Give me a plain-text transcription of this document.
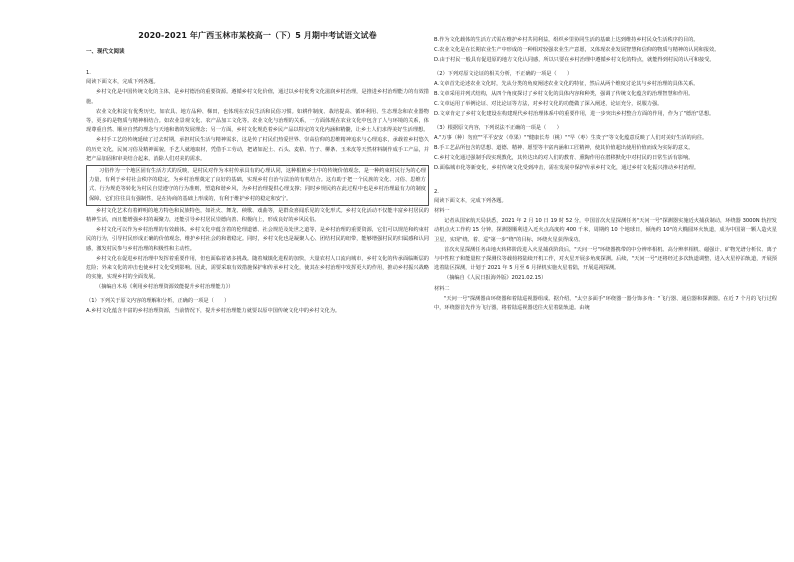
2020-2021 年广西玉林市某校高一（下）5 月期中考试语文试卷
一、现代文阅读
1.
阅读下面文本，完成下列各题。
乡村文化是中国传统文化的主体，是乡村德治的重要资源。遵循乡村文化价值，通过以乡村优秀文化滋润乡村治理，是推进乡村治理能力的有效措施。
农业文化积淀有优秀历史。如农具、地方品种、梯田，也体现在农民生活和民俗习惯。如耕作制度、栽培提高、循环利用、生态理念和农业器物等，更多的是物质与精神相结合。如农业景观文化、农产品加工文化等。农业文化与治理的关系，一方面体现在农业文化中包含了人与环境的关系，体现尊重自然、顺应自然的理念与天地和谐的发展理念；另一方面，乡村文化规范着乡民产品以特定的文化内涵和精髓，让乡土人们求得美好生活理想。
乡村手工艺的传统延续了过去时期，承担村民生活与精神需求，这是传了村民们热爱世界、崇高信仰的思维精神追求与心理追求，承载着乡村悠久的历史文化，民间习俗及精神面貌，手艺人就地取材，凭借手工劳动，把诸如泥土、石头、麦秸、竹子、柳条、玉米皮等天然材料制作成手工产品，并把产品加固和审美结合起来，消除人们对美的需求。
习俗作为一个地区固有生活方式的反映，是村民对作为本村传承具有的心理认同，这种根植乡土中的传统价值观念，是一种约束村民行为的心理力量，有利于乡村社会秩序的稳定，为乡村治理奠定了良好的基础，实现乡村自治与法治的有机结合。这有助于把一个民族的文化、习俗、思维方式、行为规范等转化为村民自觉遵守的行为准则，塑造和谐乡风，为乡村治理提供心理支撑；同时乡规民约在此过程中也是乡村治理最有力的制度保障，它们往往具有强制性，是在协商的基础上形成的，有利于维护乡村的稳定和安宁。
乡村文化艺术有着鲜明的地方特色和民族特色，如社火、舞龙、秧歌、戏曲等，是群众喜闻乐见的文化形式。乡村文化活动不仅能丰富乡村居民的精神生活，而且能增强乡村的凝聚力，还能引导乡村居民崇德向善、积极向上，形成良好的乡风民俗。
乡村文化可以作为乡村治理的有效载体。乡村文化中蕴含着的伦理道德、社会规范及处世之道等，是乡村治理的重要资源，它们可以规范和约束村民的行为，引导村民形成正确的价值观念，维护乡村社会的和谐稳定。同时，乡村文化也是凝聚人心、团结村民的纽带，能够增强村民的归属感和认同感，激发村民参与乡村治理的积极性和主动性。
乡村文化在促进乡村治理中发挥着重要作用，但也面临着诸多挑战。随着城镇化进程的加快，大量农村人口流向城市，乡村文化的传承面临断层的危险；外来文化的冲击也使乡村文化受到影响。因此，需要采取有效措施保护和传承乡村文化，使其在乡村治理中发挥更大的作用，推动乡村振兴战略的实施，实现乡村的全面发展。
（摘编自木易《利用乡村治理资源效能提升乡村治理能力》）
（1）下列关于原文内容的理解和分析，正确的一项是（　　）
A.乡村文化蕴含丰富的乡村治理资源，当前情况下，提升乡村治理能力就要以原中国传统文化中的乡村文化为。
B.作为文化载体的生活方式需在维护乡村共同利益，组织乡里协同生活的基础上达到维持乡村民众生活秩序的目的。
C.农业文化是在长期农业生产中形成的一种相对较强农业生产意愿，又体现农业发展智慧和信仰的物质与精神的认同和报效。
D.由于村民一般具有促进原的地方文化认同感，所以只要在乡村治理中遵循乡村文化的特点，就能得到村民的认可和接受。
（2）下列对原文论证的相关分析，不正确的一项是（　　）
A.文章首先论述农业文化时，先从分类的角度阐述农业文化的特征，然后从两个维度讨论其与乡村治理的具体关系。
B.文章采用并列式结构，从四个角度探讨了乡村文化的具体内容和种类，强调了传统文化蕴含的治理智慧和作用。
C.文章运用了举例论证、对比论证等方法，对乡村文化的功能做了深入阐述，论证充分，说服力强。
D.文章肯定了乡村文化建设在构建现代乡村治理体系中的重要作用，进一步突出乡村整合方面的作用，作为了"德治"思想。
（3）根据原文内容，下列说法不正确的一项是（　　）
A."万事（种）勿庶""平平安安（草果）""健康长寿（桃）""早（枣）生贵子"等文化蕴意反映了人们对美好生活的向往。
B.手工艺品所包含的思想、道德、精神、愿望等丰富内涵和工匠精神，使其价值超出使用价值而成为实际的意义。
C.乡村文化通过强制手段实现教化，其传达出的对人们的教育、熏陶作用在潜移默化中对村民的日常生活有影响。
D.面临城市化等新变化，乡村传统文化受到冲击，需在发展中保护传承乡村文化，通过乡村文化振兴推动乡村治理。
2.
阅读下面文本，完成下列各题。
材料一
记者从国家航天局获悉，2021 年 2 月 10 日 19 时 52 分，中国首次火星探测任务"天问一号"探测器实施近火捕获制动，环绕器 3000N 轨控发动机点火工作约 15 分钟，探测器顺利进入近火点高度约 400 千米，周期约 10 个地球日，倾角约 10°的大椭圆环火轨道，成为中国第一颗人造火星卫星，实现"绕、着、巡"第一步"绕"的目标，环绕火星获得成功。
首次火星探测任务由地火转移阶段进入火星捕获阶段后，"天问一号"环绕器携带的中分辨率相机、高分辨率相机、磁强计、矿物光谱分析仪、离子与中性粒子和能量粒子探测仪等载荷将陆续开机工作，对火星开展多角度探测。后续，"天问一号"还将经过多次轨道调整，进入火星停泊轨道，开展预选着陆区探测，计划于 2021 年 5 月至 6 月择机实施火星着陆，开展巡视探测。
（摘编自《人民日报海外版》2021.02.15）
材料二
"天问一号"探测器由环绕器和着陆巡视器组成。据介绍，"太空多面手"环绕器一器分饰多角："飞行器、通信器和探测器。在近 7 个月的飞行过程中，环绕器首先作为飞行器，将着陆巡视器送往火星着陆轨道。由统
